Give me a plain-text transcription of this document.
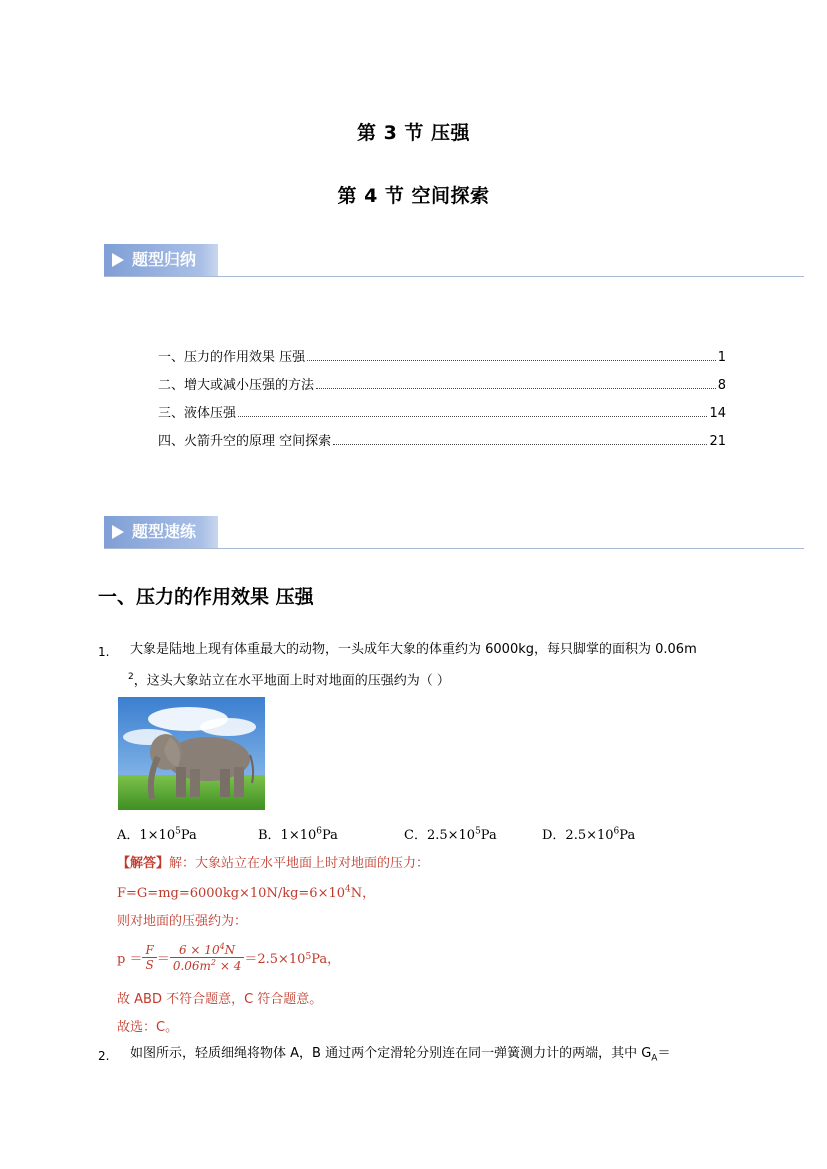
第 3 节 压强
第 4 节 空间探索
题型归纳
一、压力的作用效果 压强	1
二、增大或减小压强的方法	8
三、液体压强	14
四、火箭升空的原理 空间探索	21
题型速练
一、压力的作用效果 压强
1. 大象是陆地上现有体重最大的动物，一头成年大象的体重约为 6000kg，每只脚掌的面积为 0.06m
$^2$，这头大象站立在水平地面上时对地面的压强约为（ ）
A．$1\times 10^5Pa$	B．$1\times 10^6Pa$	C．$2.5\times 10^5Pa$	D．$2.5\times 10^6Pa$
【解答】解：大象站立在水平地面上时对地面的压力：
$F=G=mg=6000kg\times 10N/kg=6\times 10^4N$，
则对地面的压强约为：
$p = \frac{F}{S} = \frac{6 \times 10^4N}{0.06m^2 \times 4} =2.5\times 10$ 5 Pa，
故 ABD 不符合题意，C 符合题意。
故选：C。
2. 如图所示，轻质细绳将物体 A，B 通过两个定滑轮分别连在同一弹簧测力计的两端，其中 $G_A=$
